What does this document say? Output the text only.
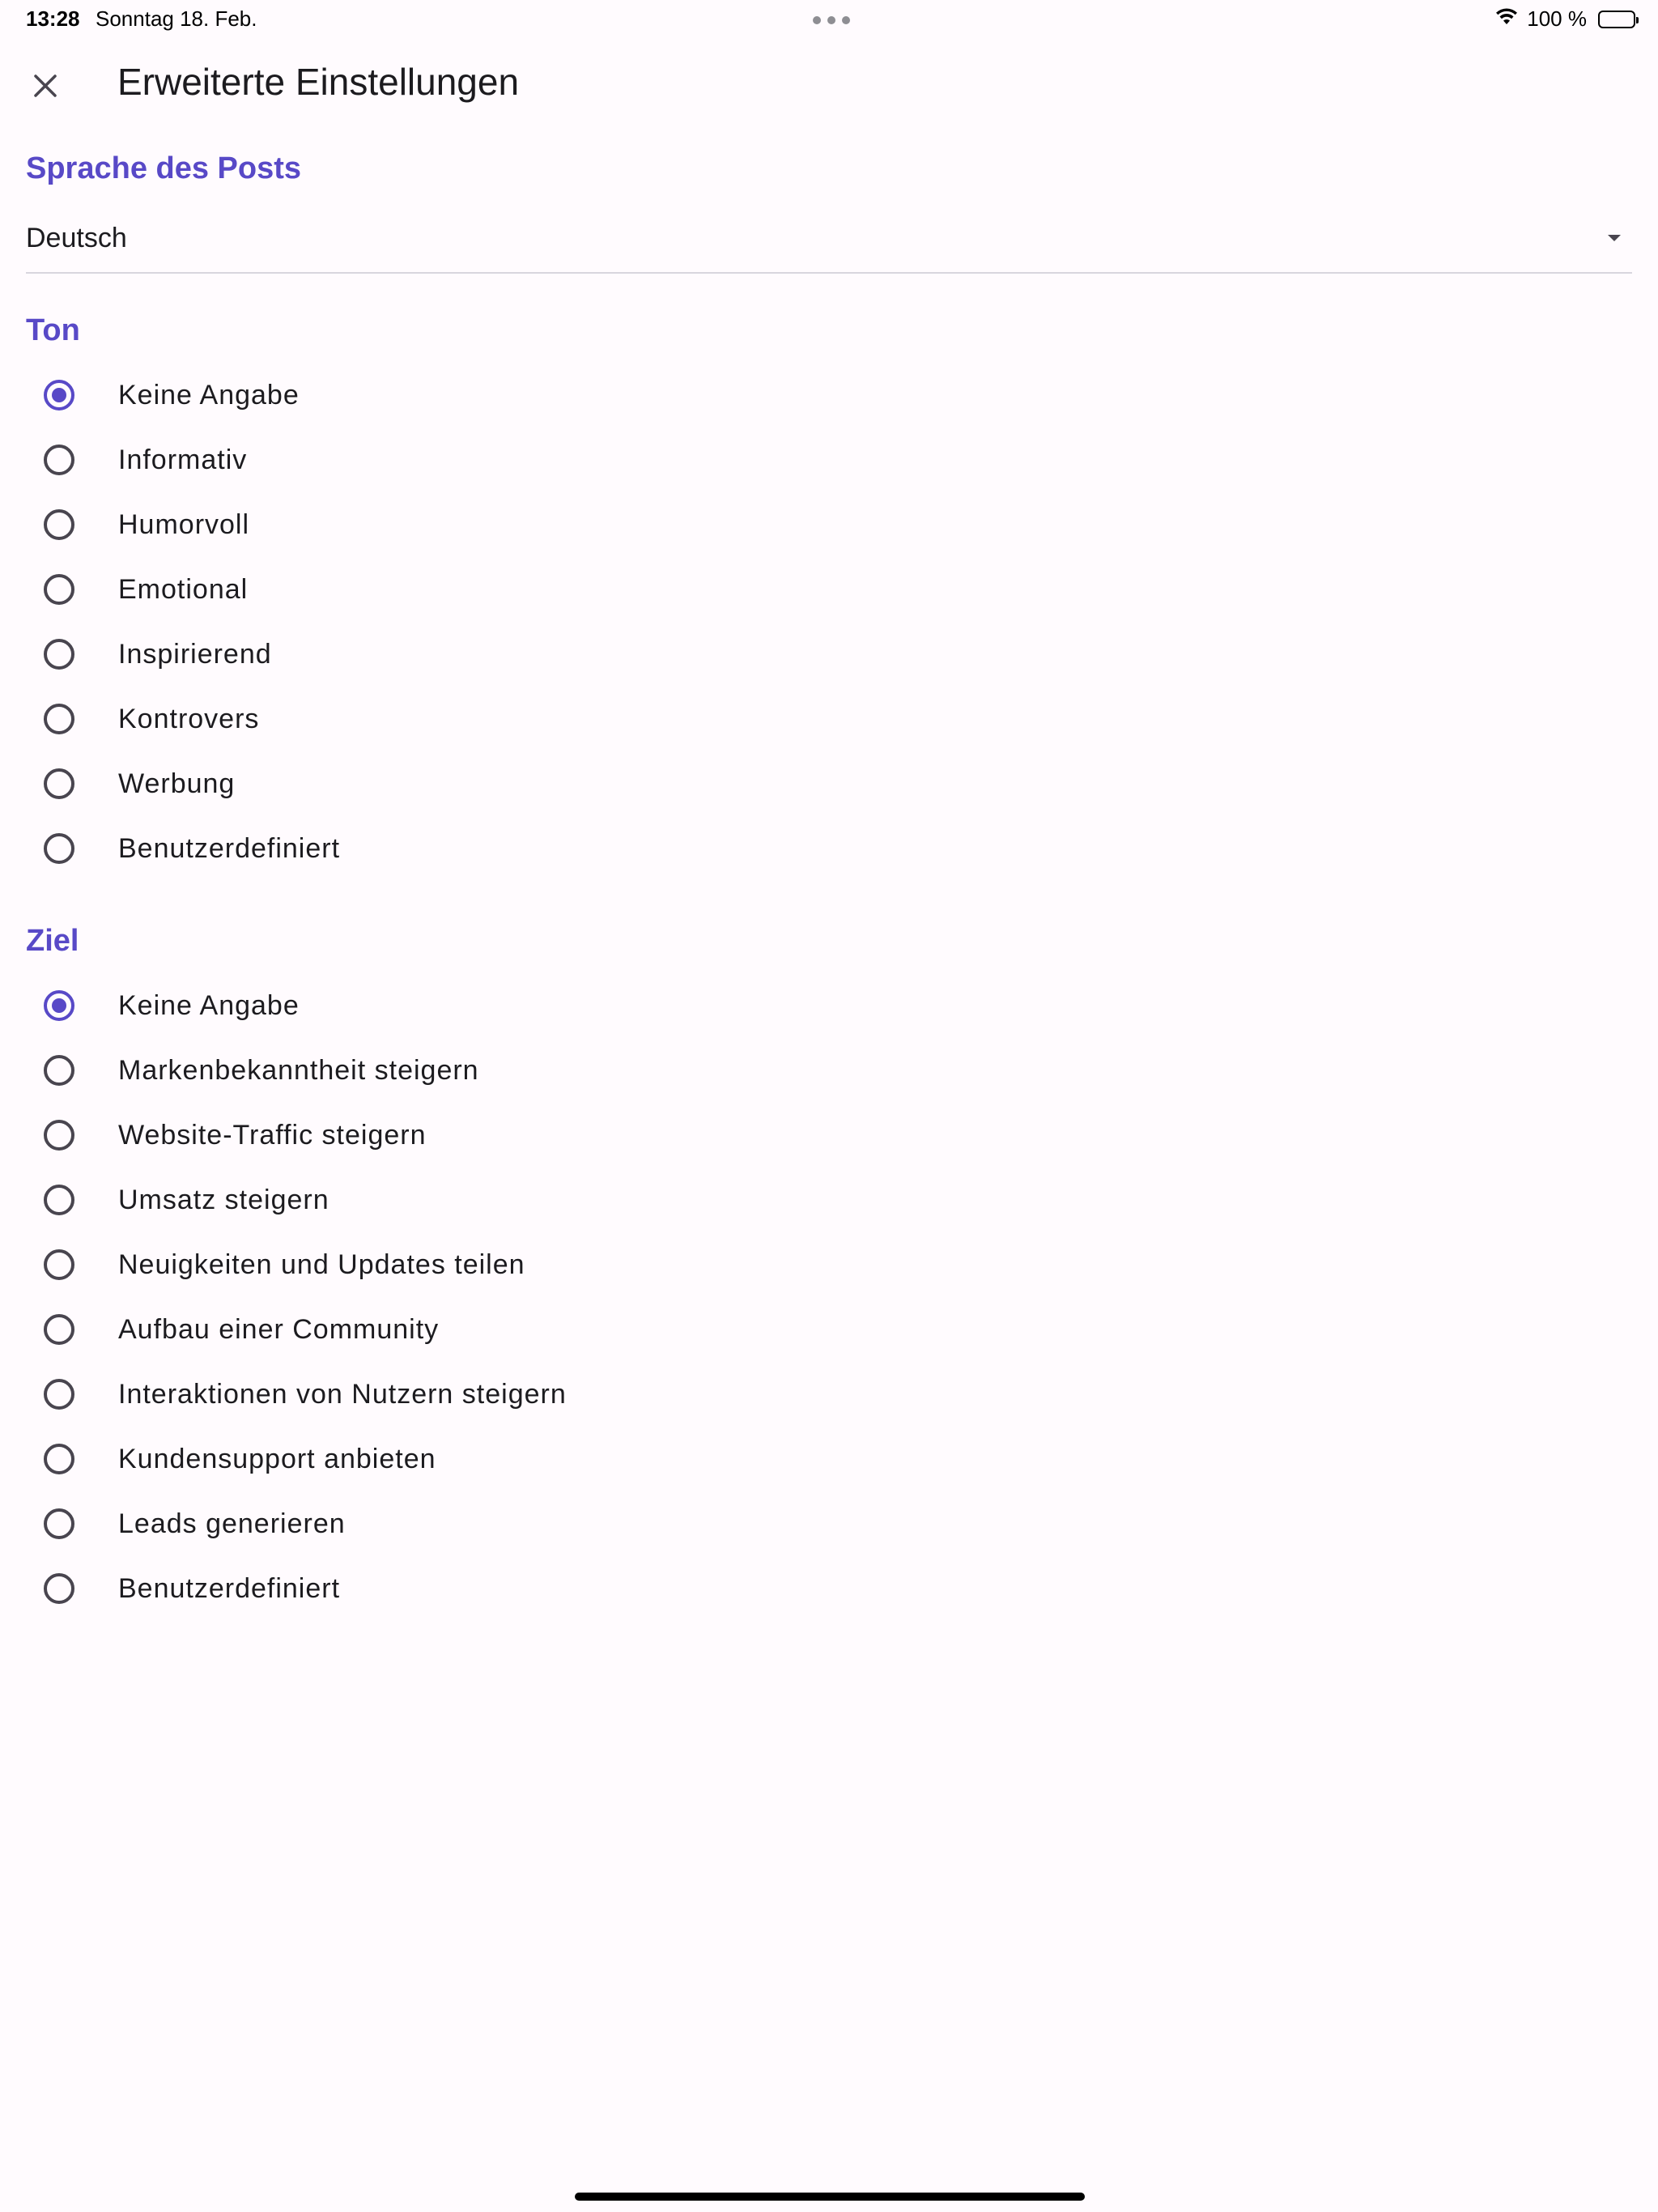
13:28 Sonntag 18. Feb.	100 %
Erweiterte Einstellungen
Sprache des Posts
Deutsch
Ton
Keine Angabe
Informativ
Humorvoll
Emotional
Inspirierend
Kontrovers
Werbung
Benutzerdefiniert
Ziel
Keine Angabe
Markenbekanntheit steigern
Website-Traffic steigern
Umsatz steigern
Neuigkeiten und Updates teilen
Aufbau einer Community
Interaktionen von Nutzern steigern
Kundensupport anbieten
Leads generieren
Benutzerdefiniert
